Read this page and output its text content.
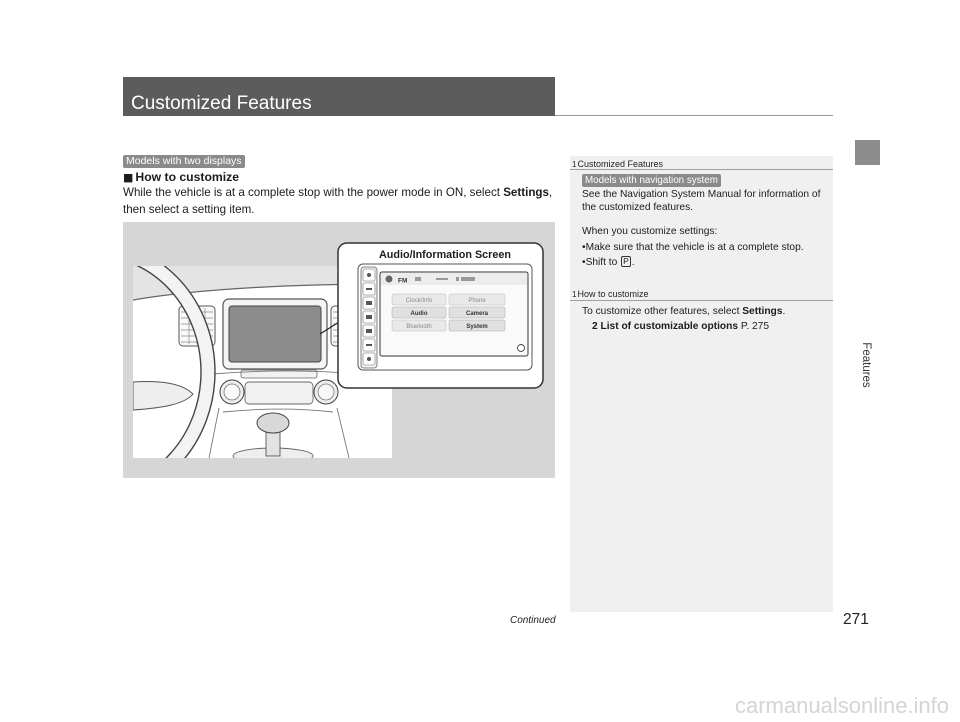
Customized Features
Features
Models with two displays
■ How to customize
While the vehicle is at a complete stop with the power mode in ON, select Settings,
then select a setting item.
Audio/Information Screen
FM
Clock/Info	Phone
Audio	Camera
Bluetooth	System
1Customized Features
Models with navigation system
See the Navigation System Manual for information of
the customized features.
When you customize settings:
•Make sure that the vehicle is at a complete stop.
•Shift to P .
1How to customize
To customize other features, select Settings.
2 List of customizable options P. 275
Continued	271
carmanualsonline.info
